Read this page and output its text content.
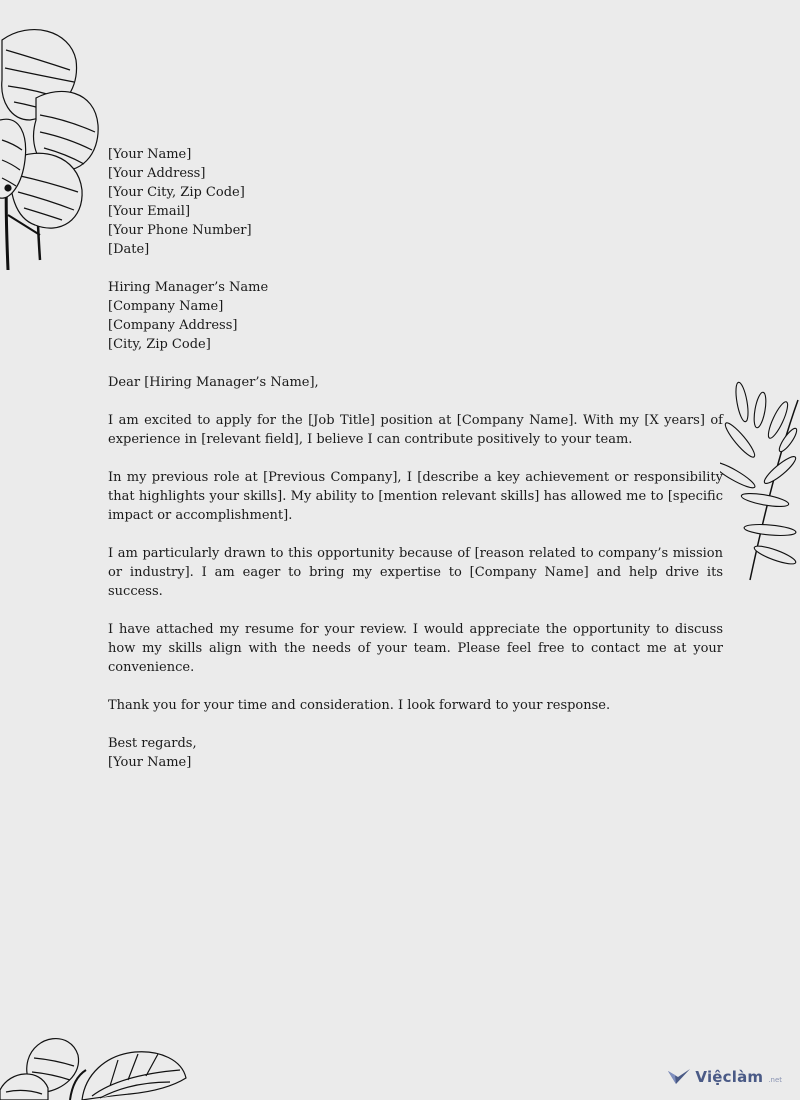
[Your Name]
[Your Address]
[Your City, Zip Code]
[Your Email]
[Your Phone Number]
[Date]
Hiring Manager’s Name
[Company Name]
[Company Address]
[City, Zip Code]

Dear [Hiring Manager’s Name],

I am excited to apply for the [Job Title] position at [Company Name]. With my [X years] of experience in [relevant field], I believe I can contribute positively to your team.

In my previous role at [Previous Company], I [describe a key achievement or responsibility that highlights your skills]. My ability to [mention relevant skills] has allowed me to [specific impact or accomplishment].

I am particularly drawn to this opportunity because of [reason related to company’s mission or industry]. I am eager to bring my expertise to [Company Name] and help drive its success.

I have attached my resume for your review. I would appreciate the opportunity to discuss how my skills align with the needs of your team. Please feel free to contact me at your convenience.

Thank you for your time and consideration. I look forward to your response.

Best regards,
[Your Name]
Việclàm .net
